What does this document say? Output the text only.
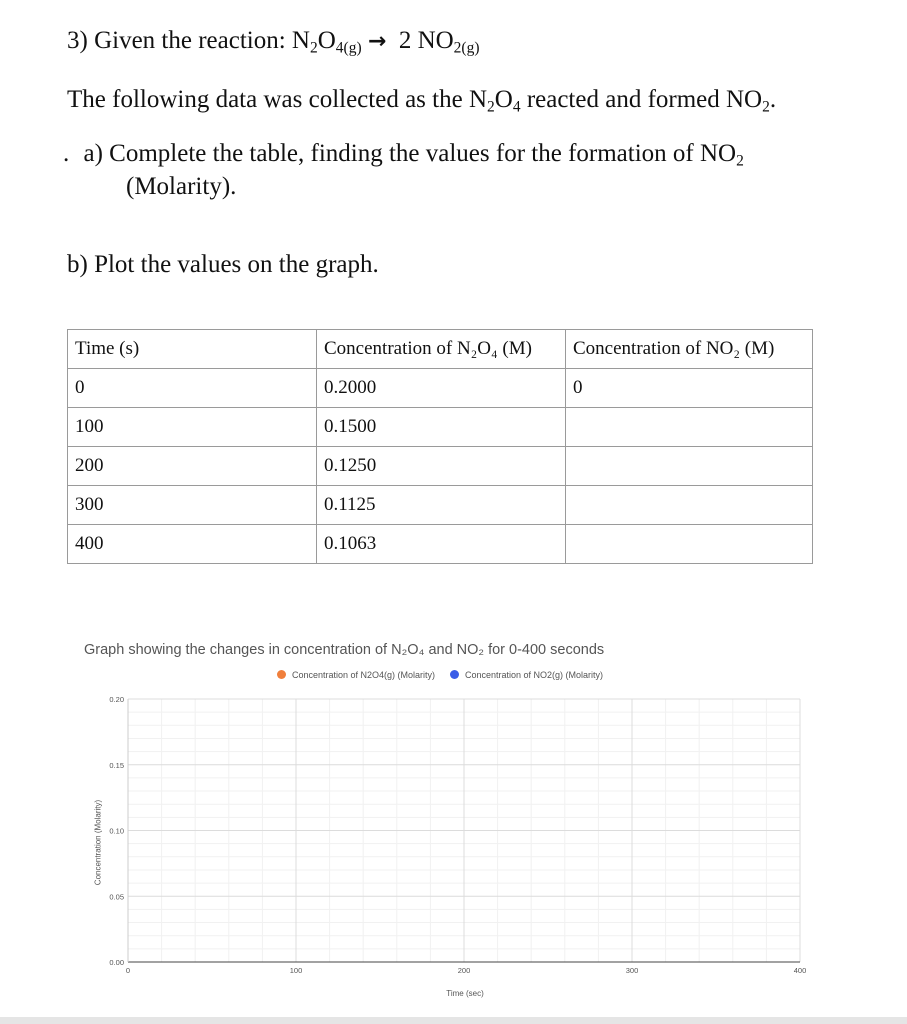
3) Given the reaction: $N_2O_{4(g)} \to 2$ $NO_{2(g)}$
The following data was collected as the $N_2O_4$ reacted and formed $NO_2$.
. a) Complete the table, finding the values for the formation of $NO_2$
(Molarity).
b) Plot the values on the graph.
Time (s)	Concentration of N₂O₄ (M)	Concentration of NO₂ (M)
0	0.2000	0
100	0.1500	
200	0.1250	
300	0.1125	
400	0.1063	
Graph showing the changes in concentration of N₂O₄ and NO₂ for 0-400 seconds
Concentration of N2O4(g) (Molarity)	Concentration of NO2(g) (Molarity)
0	100	200	300	400
0.00
0.05
0.10
0.15
0.20
Concentration (Molarity)
Time (sec)
